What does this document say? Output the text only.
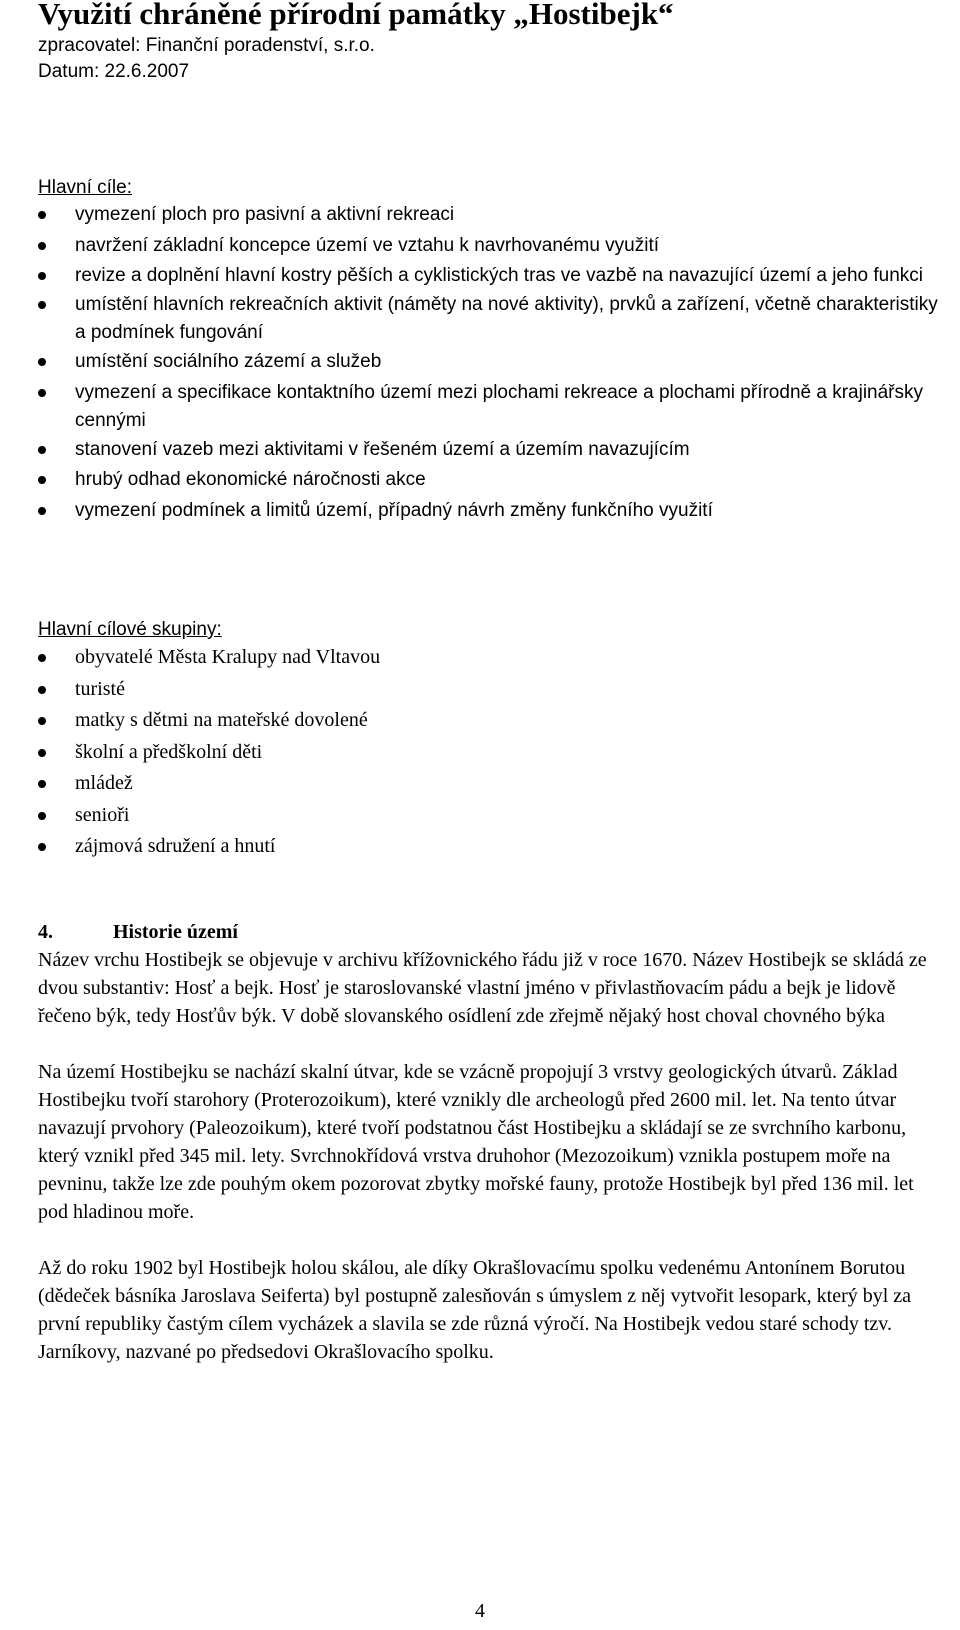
Využití chráněné přírodní památky „Hostibejk“
zpracovatel: Finanční poradenství, s.r.o.
Datum: 22.6.2007

Hlavní cíle:

vymezení ploch pro pasivní a aktivní rekreaci
navržení základní koncepce území ve vztahu k navrhovanému využití
revize a doplnění hlavní kostry pěších a cyklistických tras ve vazbě na navazující území a jeho funkci
umístění hlavních rekreačních aktivit (náměty na nové aktivity), prvků a zařízení, včetně charakteristiky a podmínek fungování
umístění sociálního zázemí a služeb
vymezení a specifikace kontaktního území mezi plochami rekreace a plochami přírodně a krajinářsky cennými
stanovení vazeb mezi aktivitami v řešeném území a územím navazujícím
hrubý odhad ekonomické náročnosti akce
vymezení podmínek a limitů území, případný návrh změny funkčního využití

Hlavní cílové skupiny:

obyvatelé Města Kralupy nad Vltavou
turisté
matky s dětmi na mateřské dovolené
školní a předškolní děti
mládež
senioři
zájmová sdružení a hnutí

4.	Historie území

Název vrchu Hostibejk se objevuje v archivu křížovnického řádu již v roce 1670. Název Hostibejk se skládá ze dvou substantiv: Hosť a bejk. Hosť je staroslovanské vlastní jméno v přivlastňovacím pádu a bejk je lidově řečeno býk, tedy Hosťův býk. V době slovanského osídlení zde zřejmě nějaký host choval chovného býka

Na území Hostibejku se nachází skalní útvar, kde se vzácně propojují 3 vrstvy geologických útvarů. Základ Hostibejku tvoří starohory (Proterozoikum), které vznikly dle archeologů před 2600 mil. let. Na tento útvar navazují prvohory (Paleozoikum), které tvoří podstatnou část Hostibejku a skládají se ze svrchního karbonu, který vznikl před 345 mil. lety. Svrchnokřídová vrstva druhohor (Mezozoikum) vznikla postupem moře na pevninu, takže lze zde pouhým okem pozorovat zbytky mořské fauny, protože Hostibejk byl před 136 mil. let pod hladinou moře.

Až do roku 1902 byl Hostibejk holou skálou, ale díky Okrašlovacímu spolku vedenému Antonínem Borutou (dědeček básníka Jaroslava Seiferta) byl postupně zalesňován s úmyslem z něj vytvořit lesopark, který byl za první republiky častým cílem vycházek a slavila se zde různá výročí. Na Hostibejk vedou staré schody tzv. Jarníkovy, nazvané po předsedovi Okrašlovacího spolku.

4
